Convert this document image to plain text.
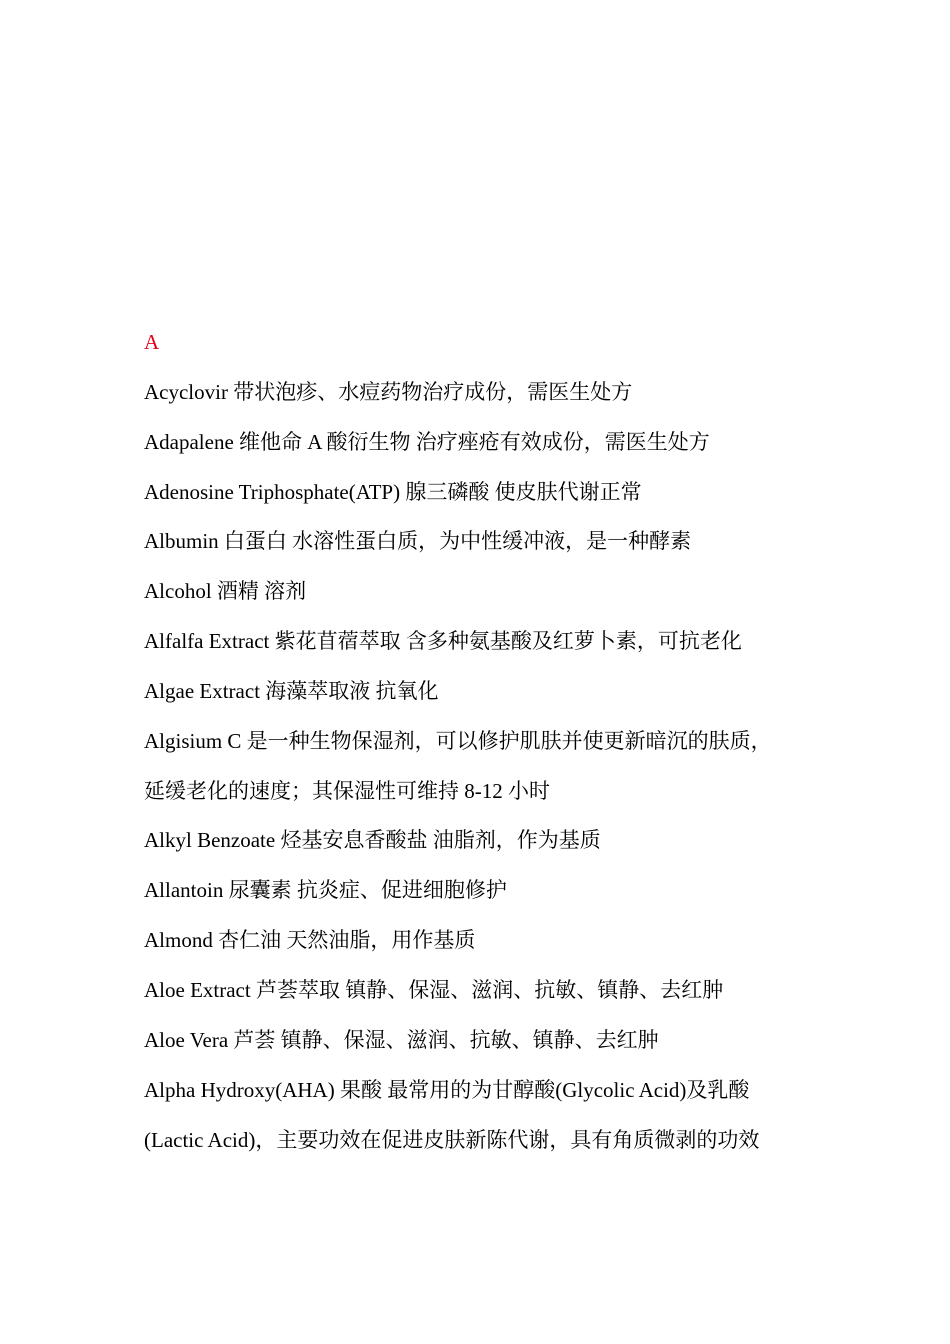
A
Acyclovir 带状泡疹、水痘药物治疗成份，需医生处方
Adapalene 维他命 A 酸衍生物 治疗痤疮有效成份，需医生处方
Adenosine Triphosphate(ATP) 腺三磷酸 使皮肤代谢正常
Albumin 白蛋白 水溶性蛋白质，为中性缓冲液，是一种酵素
Alcohol 酒精 溶剂
Alfalfa Extract 紫花苜蓿萃取 含多种氨基酸及红萝卜素，可抗老化
Algae Extract 海藻萃取液 抗氧化
Algisium C 是一种生物保湿剂，可以修护肌肤并使更新暗沉的肤质，
延缓老化的速度；其保湿性可维持 8-12 小时
Alkyl Benzoate 烃基安息香酸盐 油脂剂，作为基质
Allantoin 尿囊素 抗炎症、促进细胞修护
Almond 杏仁油 天然油脂，用作基质
Aloe Extract 芦荟萃取 镇静、保湿、滋润、抗敏、镇静、去红肿
Aloe Vera 芦荟 镇静、保湿、滋润、抗敏、镇静、去红肿
Alpha Hydroxy(AHA) 果酸 最常用的为甘醇酸(Glycolic Acid)及乳酸
(Lactic Acid)，主要功效在促进皮肤新陈代谢，具有角质微剥的功效
